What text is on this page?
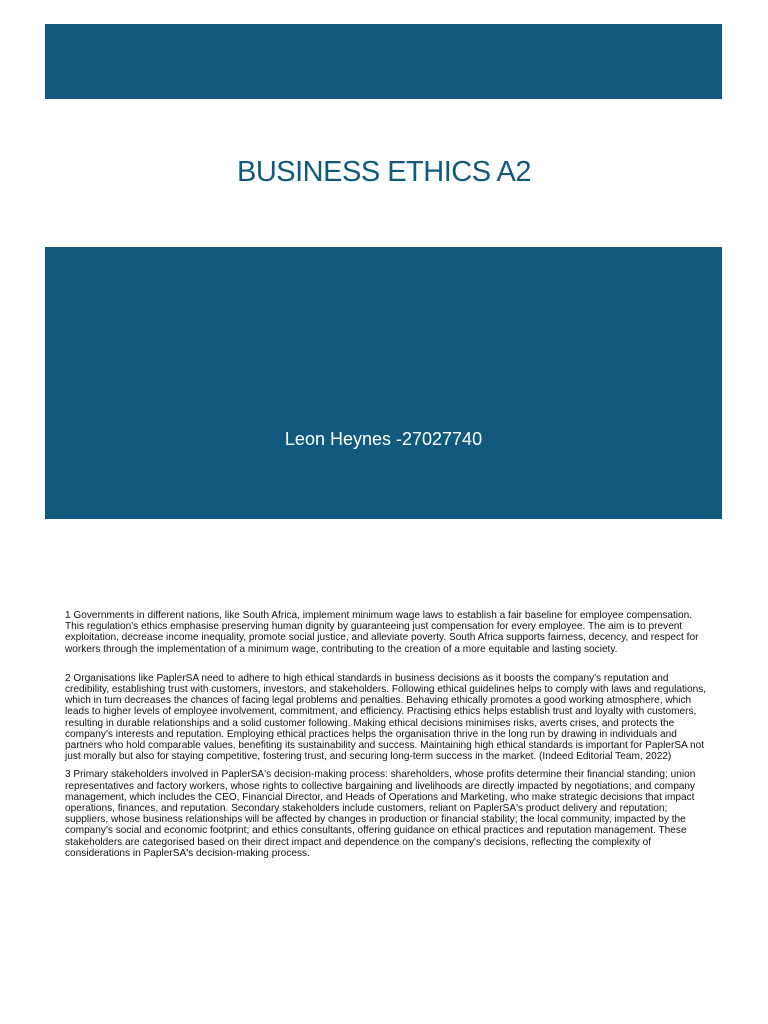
BUSINESS ETHICS A2
Leon Heynes -27027740

1 Governments in different nations, like South Africa, implement minimum wage laws to establish a fair baseline for employee compensation. This regulation's ethics emphasise preserving human dignity by guaranteeing just compensation for every employee. The aim is to prevent exploitation, decrease income inequality, promote social justice, and alleviate poverty. South Africa supports fairness, decency, and respect for workers through the implementation of a minimum wage, contributing to the creation of a more equitable and lasting society.

2 Organisations like PaplerSA need to adhere to high ethical standards in business decisions as it boosts the company's reputation and credibility, establishing trust with customers, investors, and stakeholders. Following ethical guidelines helps to comply with laws and regulations, which in turn decreases the chances of facing legal problems and penalties. Behaving ethically promotes a good working atmosphere, which leads to higher levels of employee involvement, commitment, and efficiency. Practising ethics helps establish trust and loyalty with customers, resulting in durable relationships and a solid customer following. Making ethical decisions minimises risks, averts crises, and protects the company's interests and reputation. Employing ethical practices helps the organisation thrive in the long run by drawing in individuals and partners who hold comparable values, benefiting its sustainability and success. Maintaining high ethical standards is important for PaplerSA not just morally but also for staying competitive, fostering trust, and securing long-term success in the market. (Indeed Editorial Team, 2022)

3 Primary stakeholders involved in PaplerSA's decision-making process: shareholders, whose profits determine their financial standing; union representatives and factory workers, whose rights to collective bargaining and livelihoods are directly impacted by negotiations; and company management, which includes the CEO, Financial Director, and Heads of Operations and Marketing, who make strategic decisions that impact operations, finances, and reputation. Secondary stakeholders include customers, reliant on PaplerSA's product delivery and reputation; suppliers, whose business relationships will be affected by changes in production or financial stability; the local community, impacted by the company's social and economic footprint; and ethics consultants, offering guidance on ethical practices and reputation management. These stakeholders are categorised based on their direct impact and dependence on the company's decisions, reflecting the complexity of considerations in PaplerSA's decision-making process.
